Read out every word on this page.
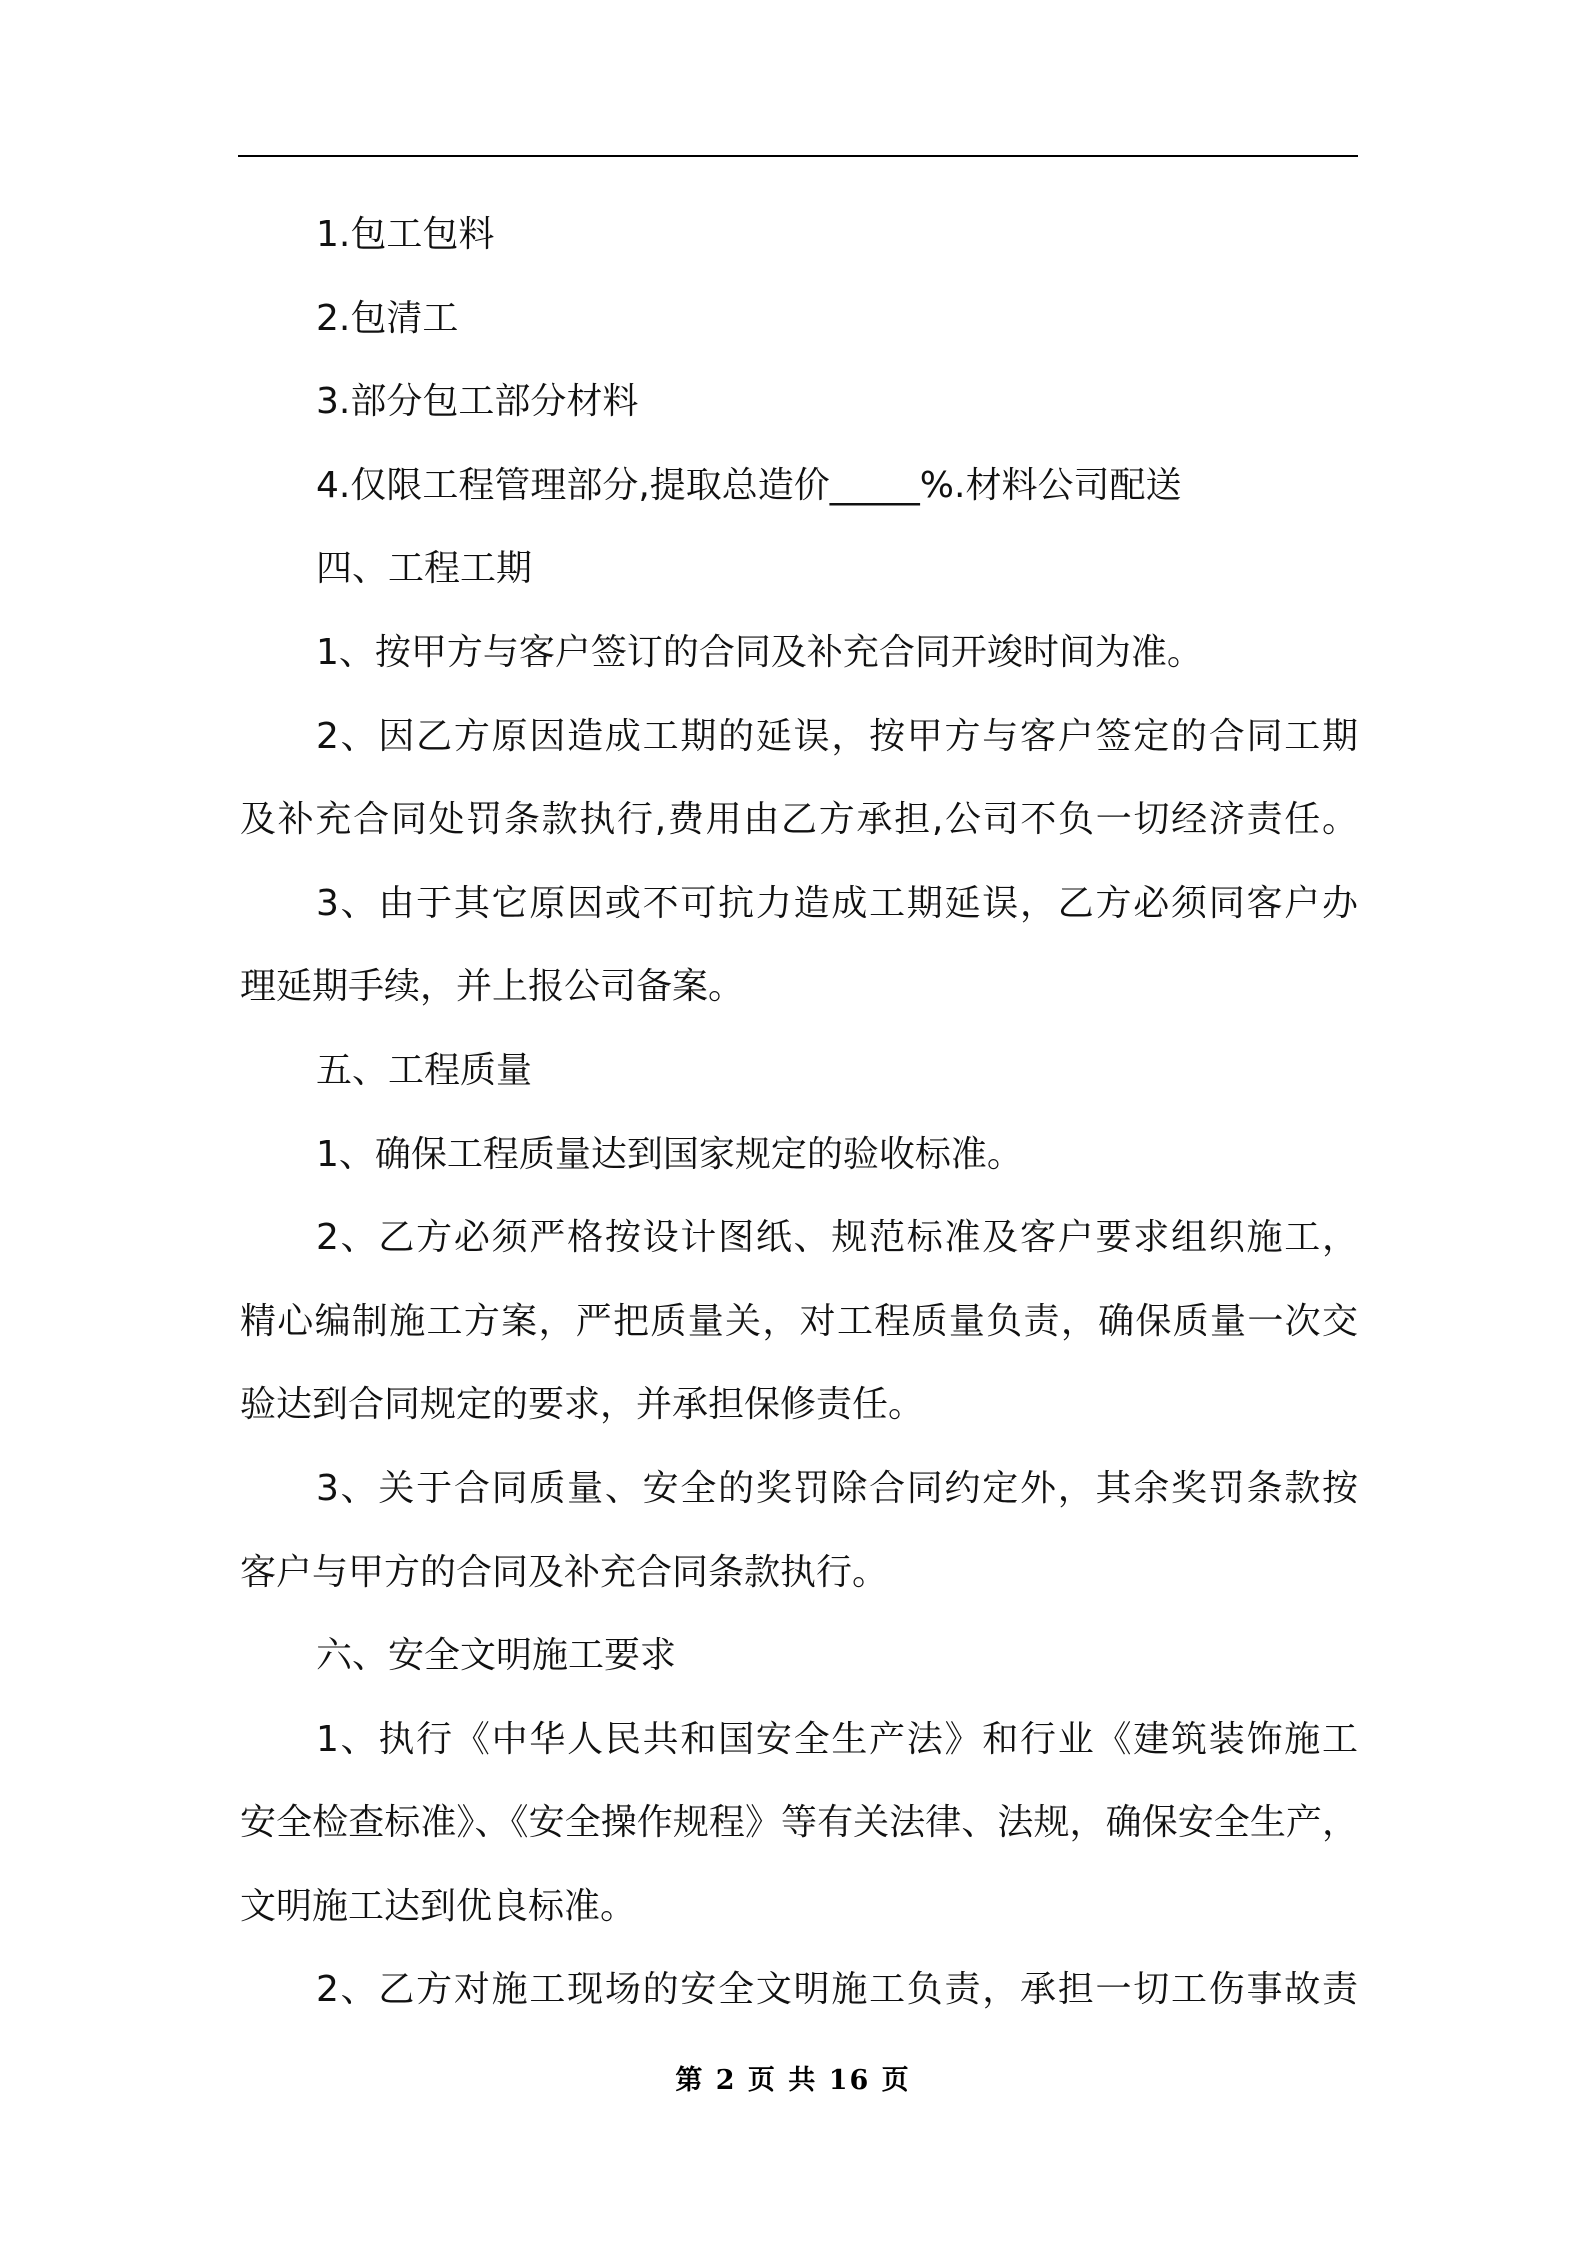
1.包工包料
2.包清工
3.部分包工部分材料
4.仅限工程管理部分,提取总造价_____%.材料公司配送
四、工程工期
1、按甲方与客户签订的合同及补充合同开竣时间为准。
2、因乙方原因造成工期的延误，按甲方与客户签定的合同工期
及补充合同处罚条款执行,费用由乙方承担,公司不负一切经济责任。
3、由于其它原因或不可抗力造成工期延误，乙方必须同客户办
理延期手续，并上报公司备案。
五、工程质量
1、确保工程质量达到国家规定的验收标准。
2、乙方必须严格按设计图纸、规范标准及客户要求组织施工，
精心编制施工方案，严把质量关，对工程质量负责，确保质量一次交
验达到合同规定的要求，并承担保修责任。
3、关于合同质量、安全的奖罚除合同约定外，其余奖罚条款按
客户与甲方的合同及补充合同条款执行。
六、安全文明施工要求
1、执行《中华人民共和国安全生产法》和行业《建筑装饰施工
安全检查标准》、《安全操作规程》等有关法律、法规，确保安全生产，
文明施工达到优良标准。
2、乙方对施工现场的安全文明施工负责，承担一切工伤事故责
第 2 页 共 16 页
